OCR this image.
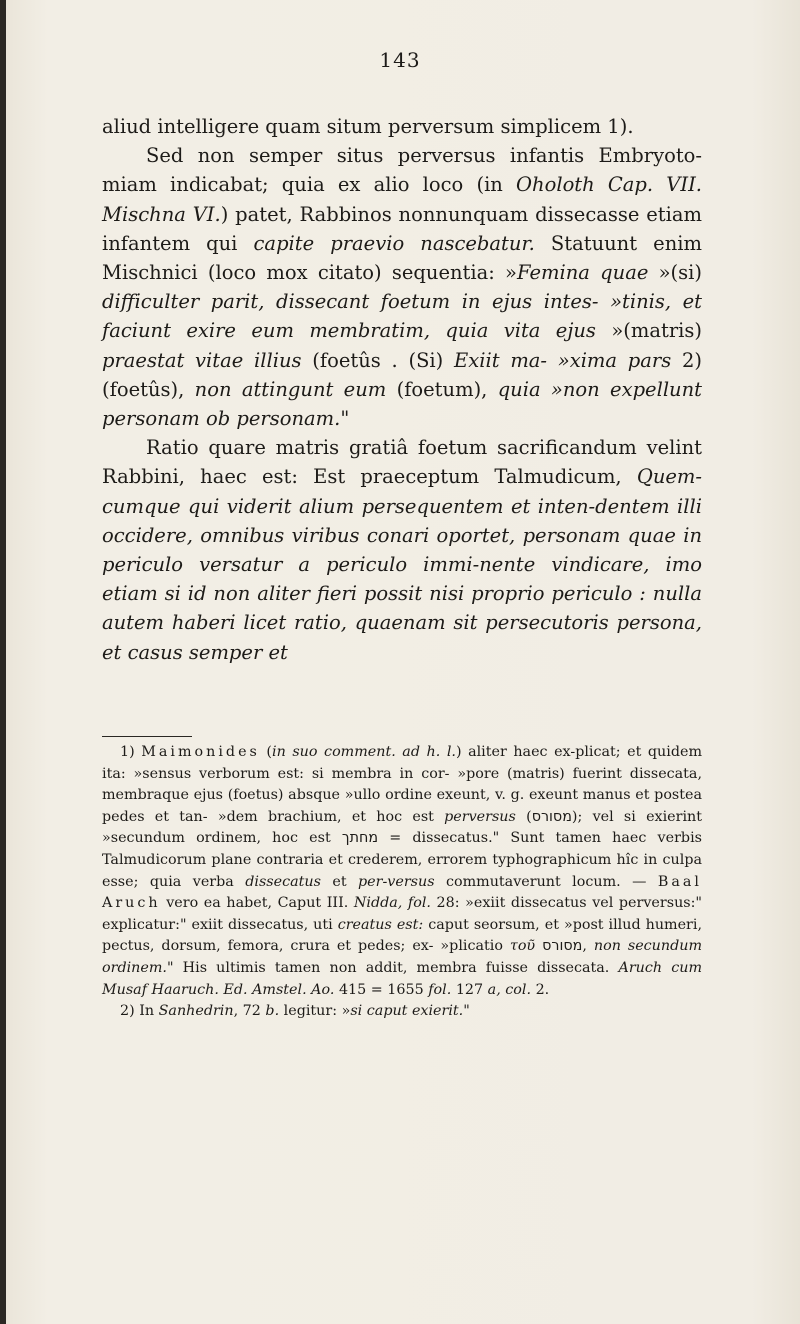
143

aliud intelligere quam situm perversum simplicem 1).

Sed non semper situs perversus infantis Embryoto-miam indicabat; quia ex alio loco (in Oholoth Cap. VII. Mischna VI.) patet, Rabbinos nonnunquam dissecasse etiam infantem qui capite praevio nascebatur. Statuunt enim Mischnici (loco mox citato) sequentia: »Femina quae »(si) difficulter parit, dissecant foetum in ejus intes- »tinis, et faciunt exire eum membratim, quia vita ejus »(matris) praestat vitae illius (foetûs . (Si) Exiit ma- »xima pars 2) (foetûs), non attingunt eum (foetum), quia »non expellunt personam ob personam."

Ratio quare matris gratiâ foetum sacrificandum velint Rabbini, haec est: Est praeceptum Talmudicum, Quem-cumque qui viderit alium persequentem et inten-dentem illi occidere, omnibus viribus conari oportet, personam quae in periculo versatur a periculo immi-nente vindicare, imo etiam si id non aliter fieri possit nisi proprio periculo : nulla autem haberi licet ratio, quaenam sit persecutoris persona, et casus semper et

1) Maimonides (in suo comment. ad h. l.) aliter haec ex-plicat; et quidem ita: »sensus verborum est: si membra in cor- »pore (matris) fuerint dissecata, membraque ejus (foetus) absque »ullo ordine exeunt, v. g. exeunt manus et postea pedes et tan- »dem brachium, et hoc est perversus (מסורס); vel si exierint »secundum ordinem, hoc est מחתך = dissecatus." Sunt tamen haec verbis Talmudicorum plane contraria et crederem, errorem typhographicum hîc in culpa esse; quia verba dissecatus et per-versus commutaverunt locum. — Baal Aruch vero ea habet, Caput III. Nidda, fol. 28: »exiit dissecatus vel perversus:" explicatur:" exiit dissecatus, uti creatus est: caput seorsum, et »post illud humeri, pectus, dorsum, femora, crura et pedes; ex- »plicatio τοῦ מסורס, non secundum ordinem." His ultimis tamen non addit, membra fuisse dissecata. Aruch cum Musaf Haaruch. Ed. Amstel. Ao. 415 = 1655 fol. 127 a, col. 2.

2) In Sanhedrin, 72 b. legitur: »si caput exierit."
